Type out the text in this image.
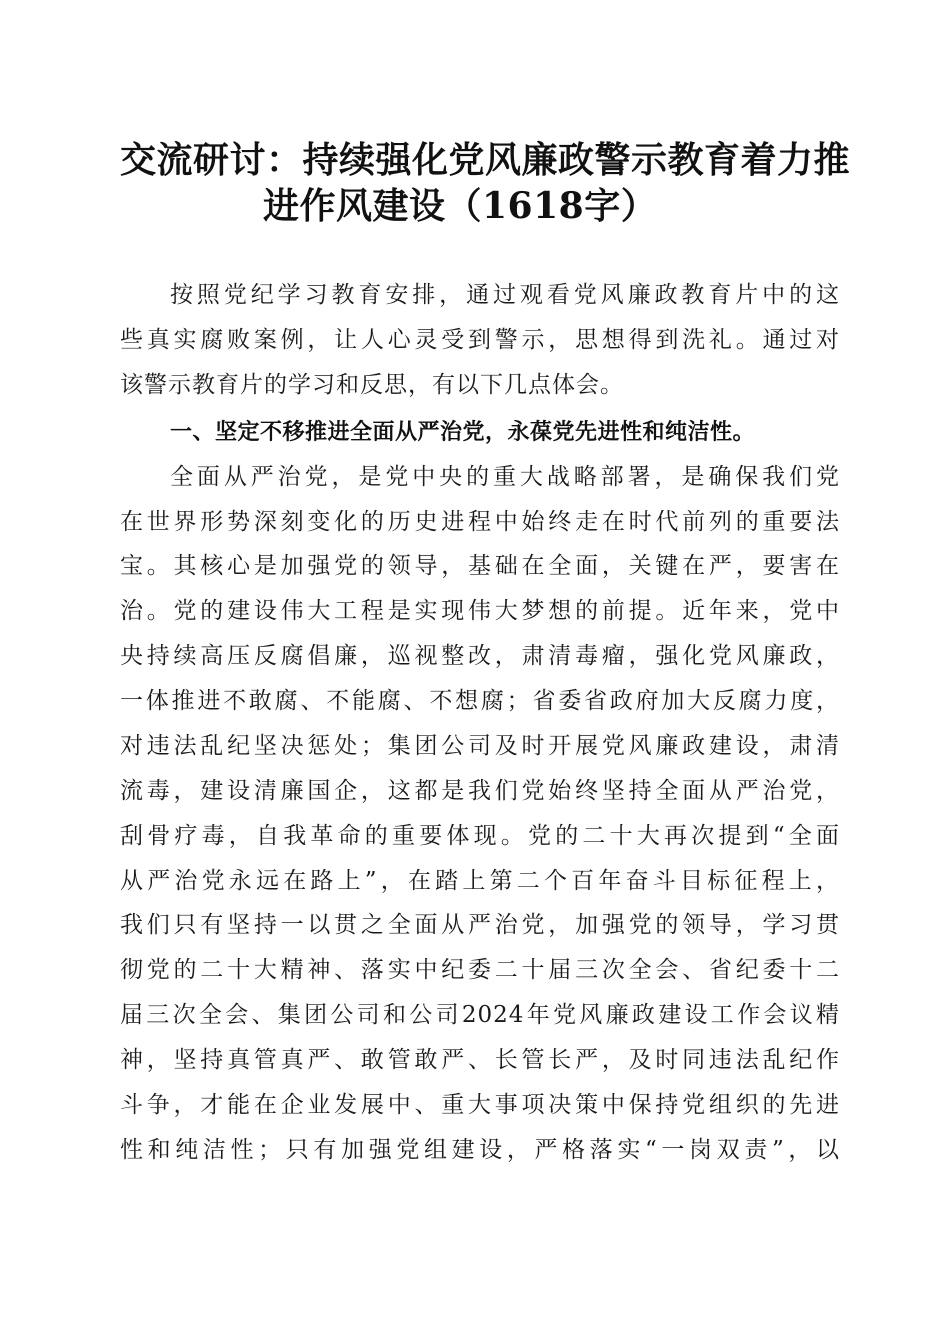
交流研讨：持续强化党风廉政警示教育着力推
进作风建设（1618字）
按照党纪学习教育安排，通过观看党风廉政教育片中的这
些真实腐败案例，让人心灵受到警示，思想得到洗礼。通过对
该警示教育片的学习和反思，有以下几点体会。
一、坚定不移推进全面从严治党，永葆党先进性和纯洁性。
全面从严治党，是党中央的重大战略部署，是确保我们党
在世界形势深刻变化的历史进程中始终走在时代前列的重要法
宝。其核心是加强党的领导，基础在全面，关键在严，要害在
治。党的建设伟大工程是实现伟大梦想的前提。近年来，党中
央持续高压反腐倡廉，巡视整改，肃清毒瘤，强化党风廉政，
一体推进不敢腐、不能腐、不想腐；省委省政府加大反腐力度，
对违法乱纪坚决惩处；集团公司及时开展党风廉政建设，肃清
流毒，建设清廉国企，这都是我们党始终坚持全面从严治党，
刮骨疗毒，自我革命的重要体现。党的二十大再次提到“全面
从严治党永远在路上”，在踏上第二个百年奋斗目标征程上，
我们只有坚持一以贯之全面从严治党，加强党的领导，学习贯
彻党的二十大精神、落实中纪委二十届三次全会、省纪委十二
届三次全会、集团公司和公司2024年党风廉政建设工作会议精
神，坚持真管真严、敢管敢严、长管长严，及时同违法乱纪作
斗争，才能在企业发展中、重大事项决策中保持党组织的先进
性和纯洁性；只有加强党组建设，严格落实“一岗双责”，以
